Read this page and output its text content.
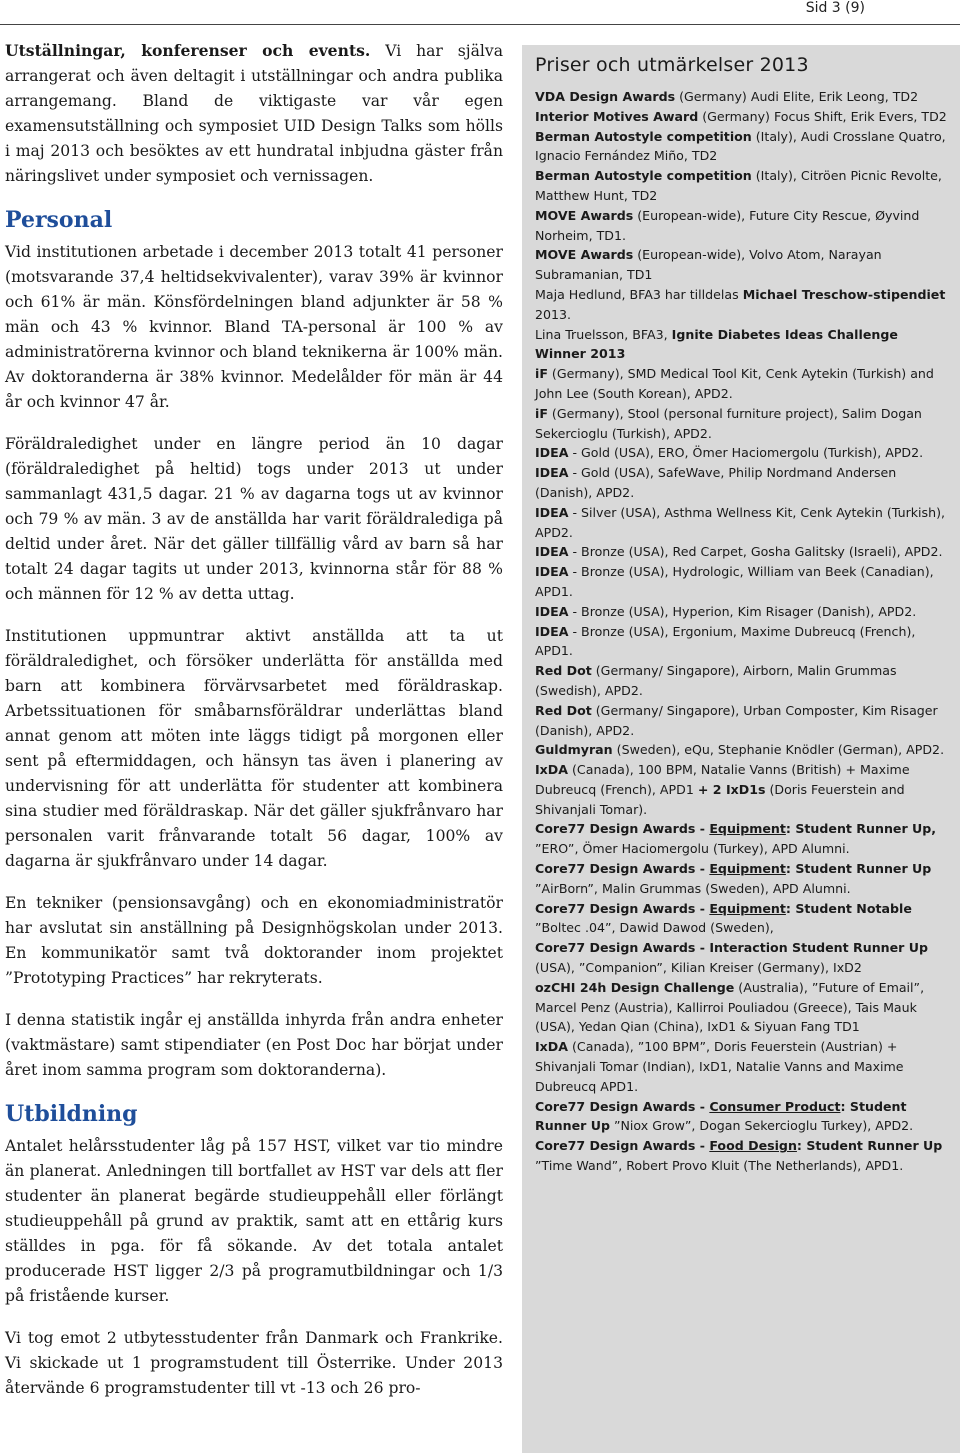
Sid 3 (9)

Utställningar, konferenser och events. Vi har själva arrangerat och även deltagit i utställningar och andra publika arrangemang. Bland de viktigaste var vår egen examensutställning och symposiet UID Design Talks som hölls i maj 2013 och besöktes av ett hundratal inbjudna gäster från näringslivet under symposiet och vernissagen.

Personal

Vid institutionen arbetade i december 2013 totalt 41 personer (motsvarande 37,4 heltidsekvivalenter), varav 39% är kvinnor och 61% är män. Könsfördelningen bland adjunkter är 58 % män och 43 % kvinnor. Bland TA-personal är 100 % av administratörerna kvinnor och bland teknikerna är 100% män. Av doktoranderna är 38% kvinnor. Medelålder för män är 44 år och kvinnor 47 år.

Föräldraledighet under en längre period än 10 dagar (föräldraledighet på heltid) togs under 2013 ut under sammanlagt 431,5 dagar. 21 % av dagarna togs ut av kvinnor och 79 % av män. 3 av de anställda har varit föräldralediga på deltid under året. När det gäller tillfällig vård av barn så har totalt 24 dagar tagits ut under 2013, kvinnorna står för 88 % och männen för 12 % av detta uttag.

Institutionen uppmuntrar aktivt anställda att ta ut föräldraledighet, och försöker underlätta för anställda med barn att kombinera förvärvsarbetet med föräldraskap. Arbetssituationen för småbarnsföräldrar underlättas bland annat genom att möten inte läggs tidigt på morgonen eller sent på eftermiddagen, och hänsyn tas även i planering av undervisning för att underlätta för studenter att kombinera sina studier med föräldraskap. När det gäller sjukfrånvaro har personalen varit frånvarande totalt 56 dagar, 100% av dagarna är sjukfrånvaro under 14 dagar.

En tekniker (pensionsavgång) och en ekonomiadministratör har avslutat sin anställning på Designhögskolan under 2013. En kommunikatör samt två doktorander inom projektet ”Prototyping Practices” har rekryterats.

I denna statistik ingår ej anställda inhyrda från andra enheter (vaktmästare) samt stipendiater (en Post Doc har börjat under året inom samma program som doktoranderna).

Utbildning

Antalet helårsstudenter låg på 157 HST, vilket var tio mindre än planerat. Anledningen till bortfallet av HST var dels att fler studenter än planerat begärde studieuppehåll eller förlängt studieuppehåll på grund av praktik, samt att en ettårig kurs ställdes in pga. för få sökande. Av det totala antalet producerade HST ligger 2/3 på programutbildningar och 1/3 på fristående kurser.

Vi tog emot 2 utbytesstudenter från Danmark och Frankrike. Vi skickade ut 1 programstudent till Österrike. Under 2013 återvände 6 programstudenter till vt -13 och 26 pro-

Priser och utmärkelser 2013
VDA Design Awards (Germany) Audi Elite, Erik Leong, TD2
Interior Motives Award (Germany) Focus Shift, Erik Evers, TD2
Berman Autostyle competition (Italy), Audi Crosslane Quatro, Ignacio Fernández Miño, TD2
Berman Autostyle competition (Italy), Citröen Picnic Revolte, Matthew Hunt, TD2
MOVE Awards (European-wide), Future City Rescue, Øyvind Norheim, TD1.
MOVE Awards (European-wide), Volvo Atom, Narayan Subramanian, TD1
Maja Hedlund, BFA3 har tilldelas Michael Treschow-stipendiet 2013.
Lina Truelsson, BFA3, Ignite Diabetes Ideas Challenge Winner 2013
iF (Germany), SMD Medical Tool Kit, Cenk Aytekin (Turkish) and John Lee (South Korean), APD2.
iF (Germany), Stool (personal furniture project), Salim Dogan Sekercioglu (Turkish), APD2.
IDEA - Gold (USA), ERO, Ömer Haciomergolu (Turkish), APD2.
IDEA - Gold (USA), SafeWave, Philip Nordmand Andersen (Danish), APD2.
IDEA - Silver (USA), Asthma Wellness Kit, Cenk Aytekin (Turkish), APD2.
IDEA - Bronze (USA), Red Carpet, Gosha Galitsky (Israeli), APD2.
IDEA - Bronze (USA), Hydrologic, William van Beek (Canadian), APD1.
IDEA - Bronze (USA), Hyperion, Kim Risager (Danish), APD2.
IDEA - Bronze (USA), Ergonium, Maxime Dubreucq (French), APD1.
Red Dot (Germany/ Singapore), Airborn, Malin Grummas (Swedish), APD2.
Red Dot (Germany/ Singapore), Urban Composter, Kim Risager (Danish), APD2.
Guldmyran (Sweden), eQu, Stephanie Knödler (German), APD2.
IxDA (Canada), 100 BPM, Natalie Vanns (British) + Maxime Dubreucq (French), APD1 + 2 IxD1s (Doris Feuerstein and Shivanjali Tomar).
Core77 Design Awards - Equipment: Student Runner Up, ”ERO”, Ömer Haciomergolu (Turkey), APD Alumni.
Core77 Design Awards - Equipment: Student Runner Up ”AirBorn”, Malin Grummas (Sweden), APD Alumni.
Core77 Design Awards - Equipment: Student Notable ”Boltec .04”, Dawid Dawod (Sweden),
Core77 Design Awards - Interaction Student Runner Up (USA), ”Companion”, Kilian Kreiser (Germany), IxD2
ozCHI 24h Design Challenge (Australia), ”Future of Email”, Marcel Penz (Austria), Kallirroi Pouliadou (Greece), Tais Mauk (USA), Yedan Qian (China), IxD1 & Siyuan Fang TD1
IxDA (Canada), ”100 BPM”, Doris Feuerstein (Austrian) + Shivanjali Tomar (Indian), IxD1, Natalie Vanns and Maxime Dubreucq APD1.
Core77 Design Awards - Consumer Product: Student Runner Up ”Niox Grow”, Dogan Sekercioglu Turkey), APD2.
Core77 Design Awards - Food Design: Student Runner Up ”Time Wand”, Robert Provo Kluit (The Netherlands), APD1.
